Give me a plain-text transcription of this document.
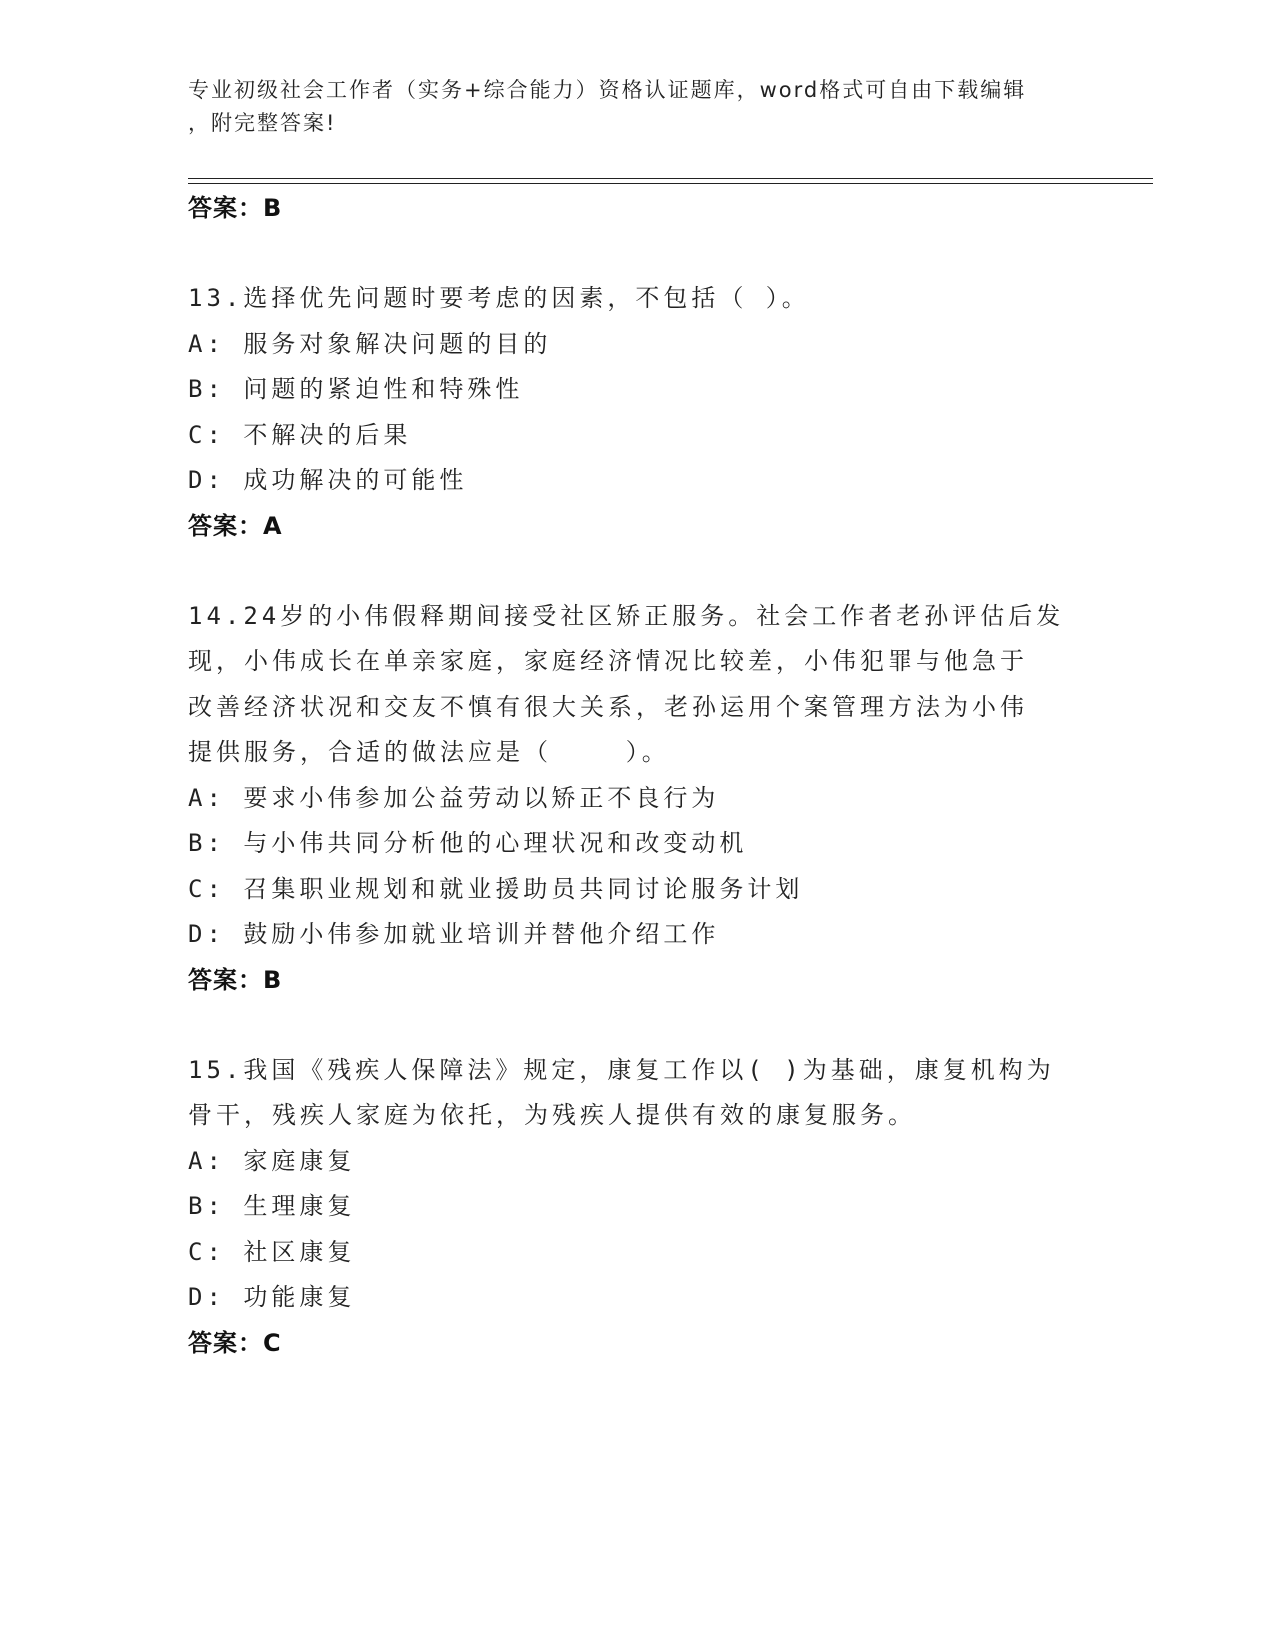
专业初级社会工作者（实务+综合能力）资格认证题库，word格式可自由下载编辑
，附完整答案!
答案：B
13.选择优先问题时要考虑的因素，不包括（ ）。
A: 服务对象解决问题的目的
B: 问题的紧迫性和特殊性
C: 不解决的后果
D: 成功解决的可能性
答案：A
14.24岁的小伟假释期间接受社区矫正服务。社会工作者老孙评估后发
现，小伟成长在单亲家庭，家庭经济情况比较差，小伟犯罪与他急于
改善经济状况和交友不慎有很大关系，老孙运用个案管理方法为小伟
提供服务，合适的做法应是（    ）。
A: 要求小伟参加公益劳动以矫正不良行为
B: 与小伟共同分析他的心理状况和改变动机
C: 召集职业规划和就业援助员共同讨论服务计划
D: 鼓励小伟参加就业培训并替他介绍工作
答案：B
15.我国《残疾人保障法》规定，康复工作以( )为基础，康复机构为
骨干，残疾人家庭为依托，为残疾人提供有效的康复服务。
A: 家庭康复
B: 生理康复
C: 社区康复
D: 功能康复
答案：C
